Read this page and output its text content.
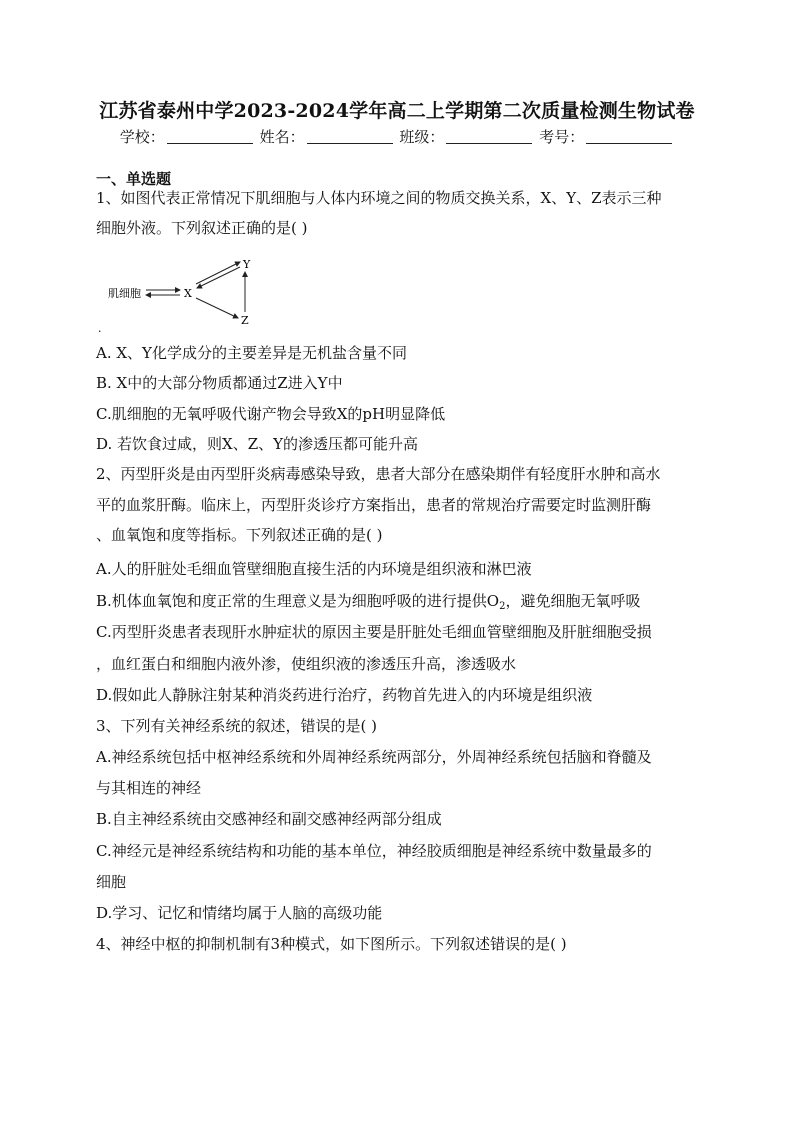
江苏省泰州中学2023-2024学年高二上学期第二次质量检测生物试卷
学校：	姓名：	班级：	考号：
一、单选题
1、如图代表正常情况下肌细胞与人体内环境之间的物质交换关系，X、Y、Z表示三种
细胞外液。下列叙述正确的是( )
肌细胞	X
Y
Z
.
A. X、Y化学成分的主要差异是无机盐含量不同
B. X中的大部分物质都通过Z进入Y中
C.肌细胞的无氧呼吸代谢产物会导致X的pH明显降低
D. 若饮食过咸，则X、Z、Y的渗透压都可能升高
2、丙型肝炎是由丙型肝炎病毒感染导致，患者大部分在感染期伴有轻度肝水肿和高水
平的血浆肝酶。临床上，丙型肝炎诊疗方案指出，患者的常规治疗需要定时监测肝酶
、血氧饱和度等指标。下列叙述正确的是( )
A.人的肝脏处毛细血管壁细胞直接生活的内环境是组织液和淋巴液
B.机体血氧饱和度正常的生理意义是为细胞呼吸的进行提供$O_2$，避免细胞无氧呼吸
C.丙型肝炎患者表现肝水肿症状的原因主要是肝脏处毛细血管壁细胞及肝脏细胞受损
，血红蛋白和细胞内液外渗，使组织液的渗透压升高，渗透吸水
D.假如此人静脉注射某种消炎药进行治疗，药物首先进入的内环境是组织液
3、下列有关神经系统的叙述，错误的是( )
A.神经系统包括中枢神经系统和外周神经系统两部分，外周神经系统包括脑和脊髓及
与其相连的神经
B.自主神经系统由交感神经和副交感神经两部分组成
C.神经元是神经系统结构和功能的基本单位，神经胶质细胞是神经系统中数量最多的
细胞
D.学习、记忆和情绪均属于人脑的高级功能
4、神经中枢的抑制机制有3种模式，如下图所示。下列叙述错误的是( )
